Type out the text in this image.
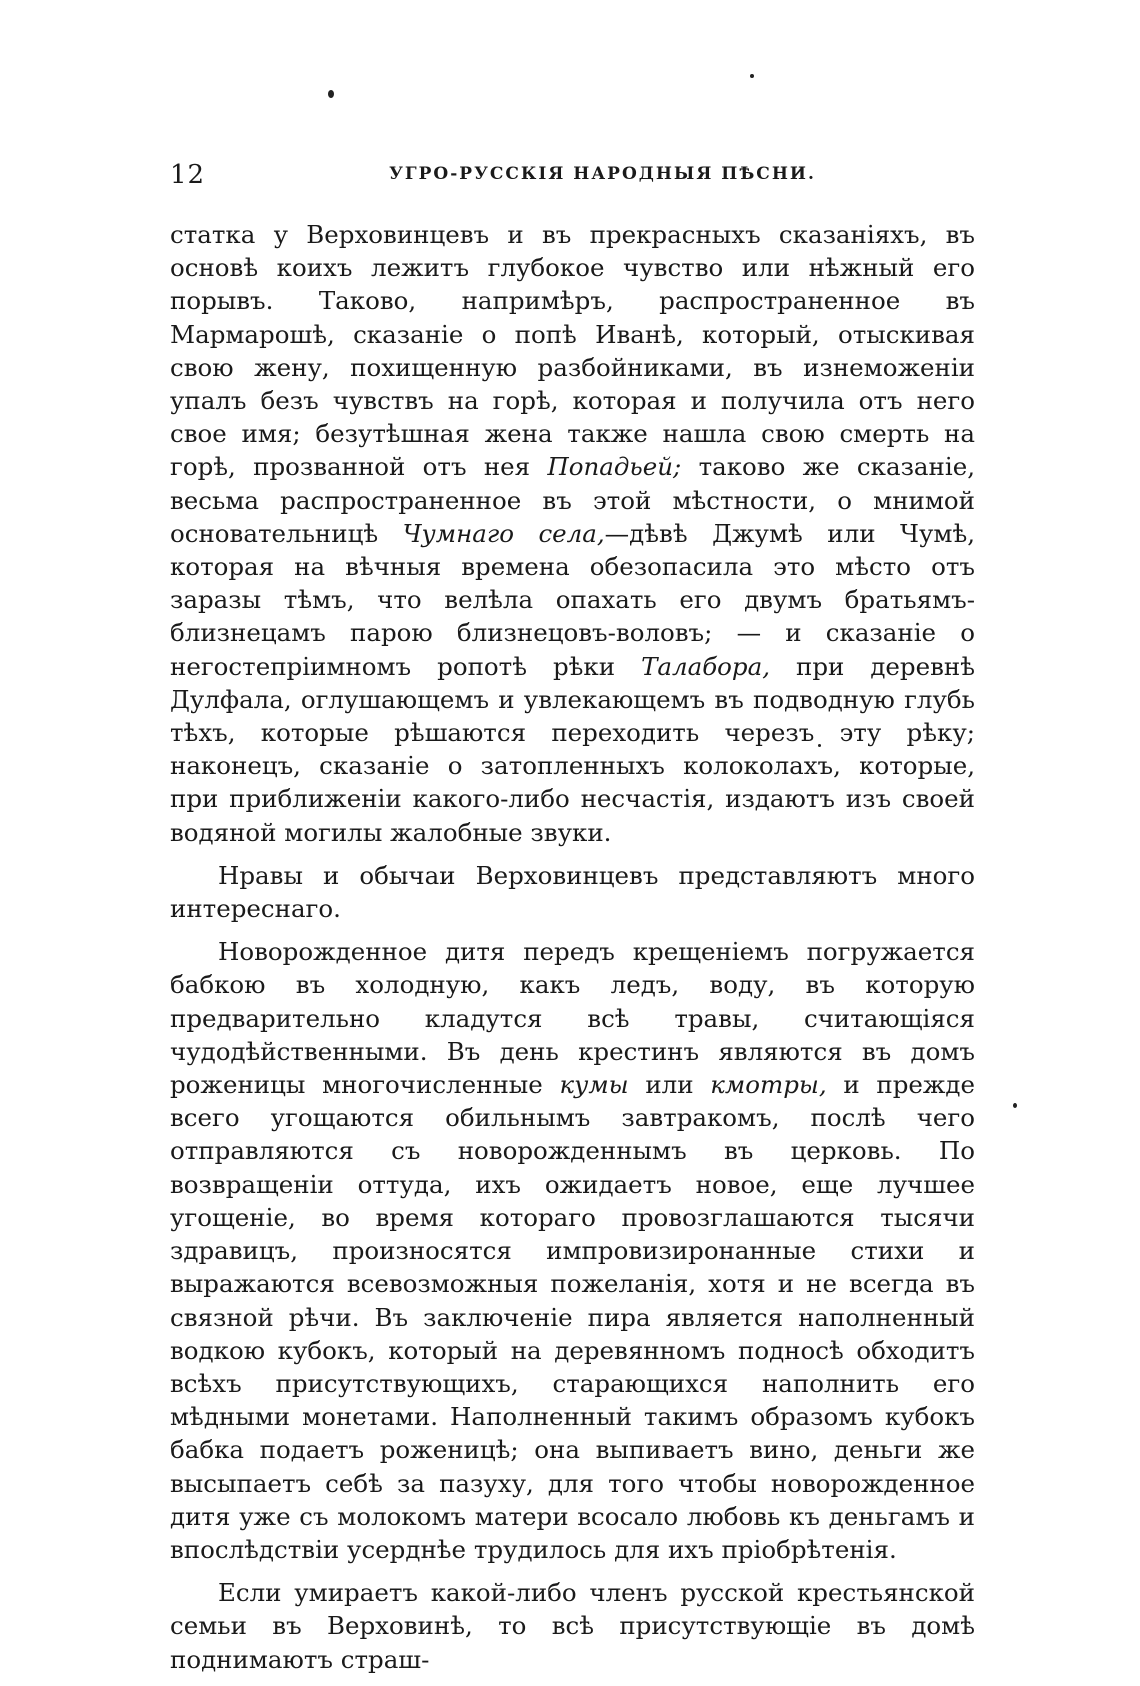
12	УГРО-РУССКІЯ НАРОДНЫЯ ПѢСНИ.

статка у Верховинцевъ и въ прекрасныхъ сказаніяхъ, въ основѣ коихъ лежитъ глубокое чувство или нѣжный его порывъ. Таково, напримѣръ, распространенное въ Мармарошѣ, сказаніе о попѣ Иванѣ, который, отыскивая свою жену, похищенную разбойниками, въ изнеможеніи упалъ безъ чувствъ на горѣ, которая и получила отъ него свое имя; безутѣшная жена также нашла свою смерть на горѣ, прозванной отъ нея Попадьей; таково же сказаніе, весьма распространенное въ этой мѣстности, о мнимой основательницѣ Чумнаго села,—дѣвѣ Джумѣ или Чумѣ, которая на вѣчныя времена обезопасила это мѣсто отъ заразы тѣмъ, что велѣла опахать его двумъ братьямъ-близнецамъ парою близнецовъ-воловъ; — и сказаніе о негостепріимномъ ропотѣ рѣки Талабора, при деревнѣ Дулфала, оглушающемъ и увлекающемъ въ подводную глубь тѣхъ, которые рѣшаются переходить черезъ эту рѣку; наконецъ, сказаніе о затопленныхъ колоколахъ, которые, при приближеніи какого-либо несчастія, издаютъ изъ своей водяной могилы жалобные звуки.

Нравы и обычаи Верховинцевъ представляютъ много интереснаго.

Новорожденное дитя передъ крещеніемъ погружается бабкою въ холодную, какъ ледъ, воду, въ которую предварительно кладутся всѣ травы, считающіяся чудодѣйственными. Въ день крестинъ являются въ домъ роженицы многочисленные кумы или кмотры, и прежде всего угощаются обильнымъ завтракомъ, послѣ чего отправляются съ новорожденнымъ въ церковь. По возвращеніи оттуда, ихъ ожидаетъ новое, еще лучшее угощеніе, во время котораго провозглашаются тысячи здравицъ, произносятся импровизиронанные стихи и выражаются всевозможныя пожеланія, хотя и не всегда въ связной рѣчи. Въ заключеніе пира является наполненный водкою кубокъ, который на деревянномъ подносѣ обходитъ всѣхъ присутствующихъ, старающихся наполнить его мѣдными монетами. Наполненный такимъ образомъ кубокъ бабка подаетъ роженицѣ; она выпиваетъ вино, деньги же высыпаетъ себѣ за пазуху, для того чтобы новорожденное дитя уже съ молокомъ матери всосало любовь къ деньгамъ и впослѣдствіи усерднѣе трудилось для ихъ пріобрѣтенія.

Если умираетъ какой-либо членъ русской крестьянской семьи въ Верховинѣ, то всѣ присутствующіе въ домѣ поднимаютъ страш-
